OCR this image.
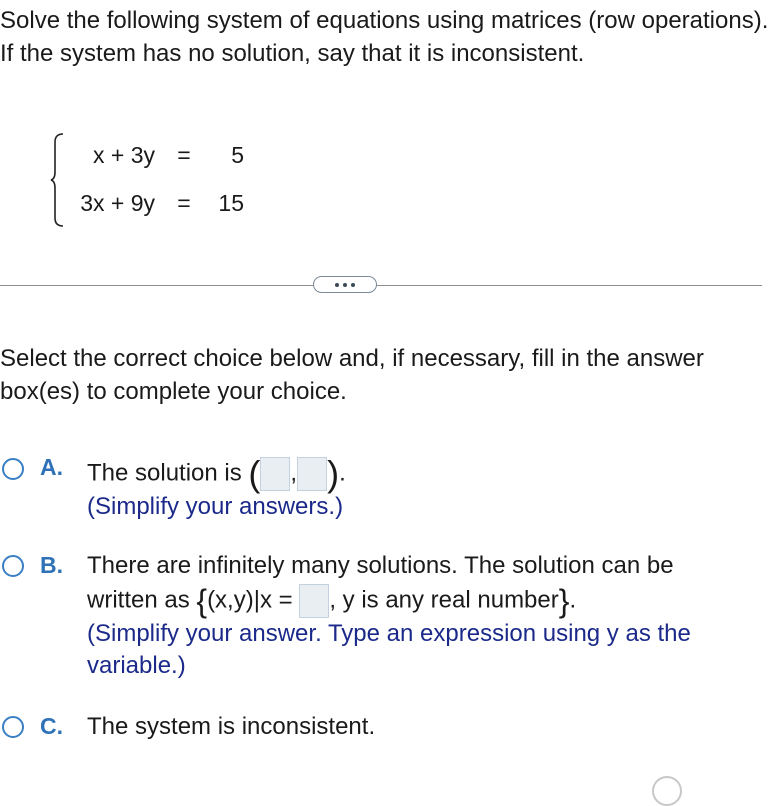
Solve the following system of equations using matrices (row operations). If the system has no solution, say that it is inconsistent.

x + 3y = 5
3x + 9y = 15

Select the correct choice below and, if necessary, fill in the answer box(es) to complete your choice.

A. The solution is ( , ).
(Simplify your answers.)
B. There are infinitely many solutions. The solution can be
written as {(x,y)|x = , y is any real number}.
(Simplify your answer. Type an expression using y as the variable.)
C. The system is inconsistent.
